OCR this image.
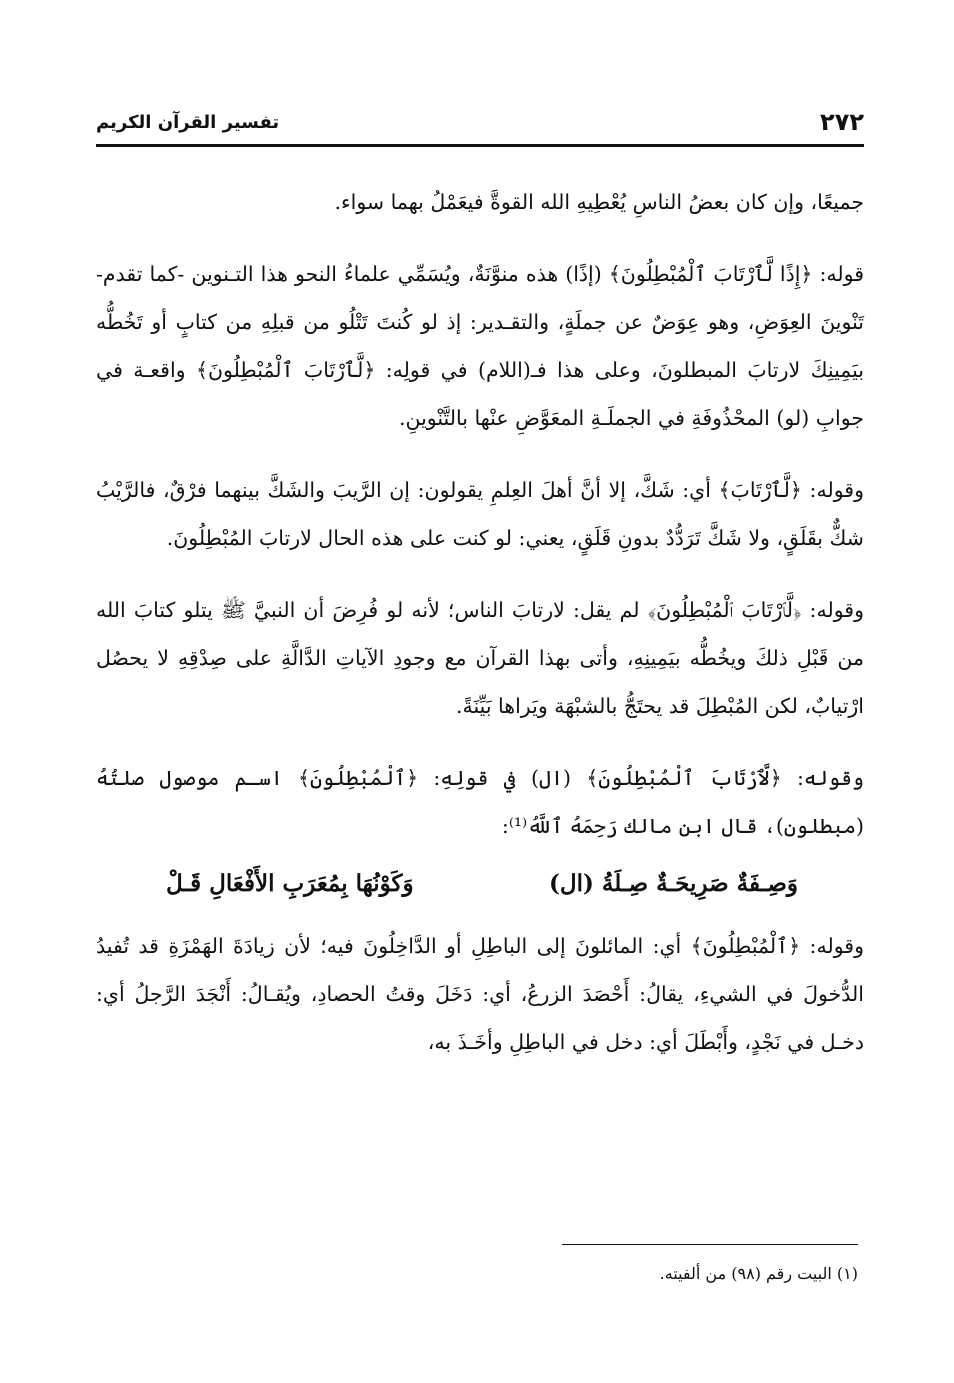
٢٧٢
تفسير القرآن الكريم

جميعًا، وإن كان بعضُ الناسِ يُعْطِيهِ الله القوةَّ فيعَمْلُ بهما سواء.

قوله: ﴿إِذًا لَّٱرْتَابَ ٱلْمُبْطِلُونَ﴾ (إذًا) هذه منوَّنَةٌ، ويُسَمِّي علماءُ النحو هذا التـنوين -كما تقدم- تَنْوينَ العِوَضِ، وهو عِوَضٌ عن جملَةٍ، والتقـدير: إذ لو كُنتَ تَتْلُو من قبلِهِ من كتابٍ أو تَخُطُّه بيَمِينِكَ لارتابَ المبطلونَ، وعلى هذا فـ(اللام) في قولِه: ﴿لَّٱرْتَابَ ٱلْمُبْطِلُونَ﴾ واقعـة في جوابِ (لو) المحْذُوفَةِ في الجملَـةِ المعَوَّضِ عنْها بالتَّنْوينِ.

وقوله: ﴿لَّٱرْتَابَ﴾ أي: شَكَّ، إلا أنَّ أهلَ العِلمِ يقولون: إن الرَّيبَ والشَكَّ بينهما فرْقٌ، فالرَّيْبُ شكٌّ بقَلَقٍ، ولا شَكَّ تَرَدُّدٌ بدونِ قَلَقٍ، يعني: لو كنت على هذه الحال لارتابَ المُبْطِلُونَ.

وقوله: ﴿لَّٱرْتَابَ ٱلْمُبْطِلُونَ﴾ لم يقل: لارتابَ الناس؛ لأنه لو فُرِضَ أن النبيَّ ﷺ يتلو كتابَ الله من قَبْلِ ذلكَ ويخُطُّه بيَمِينِهِ، وأتى بهذا القرآن مع وجودِ الآياتِ الدَّالَّةِ على صِدْقِهِ لا يحصُل ارْتيابٌ، لكن المُبْطِلَ قد يحتَجُّ بالشبْهَة ويَراها بَيِّنَةً.

وقوله: ﴿لَّٱرْتَابَ ٱلْمُبْطِلُونَ﴾ (ال) في قولِهِ: ﴿ٱلْمُبْطِلُونَ﴾ اسـم موصول صلتُهُ (مبطلون)، قال ابن مالك رَحِمَهُ ٱللَّهُ⁽¹⁾:

وَصِـفَةٌ صَرِيحَـةٌ صِـلَةُ (ال)
وَكَوْنُهَا بِمُعَرَبِ الأَفْعَالِ قَـلْ

وقوله: ﴿ٱلْمُبْطِلُونَ﴾ أي: المائلونَ إلى الباطِلِ أو الدَّاخِلُونَ فيه؛ لأن زيادَةَ الهَمْزَةِ قد تُفيدُ الدُّخولَ في الشيءِ، يقالُ: أَحْصَدَ الزرعُ، أي: دَخَلَ وقتُ الحصادِ، ويُقـالُ: أَنْجَدَ الرَّجلُ أي: دخـل في نَجْدٍ، وأَبْطَلَ أي: دخل في الباطِلِ وأخَـذَ به،

(١) البيت رقم (٩٨) من ألفيته.
